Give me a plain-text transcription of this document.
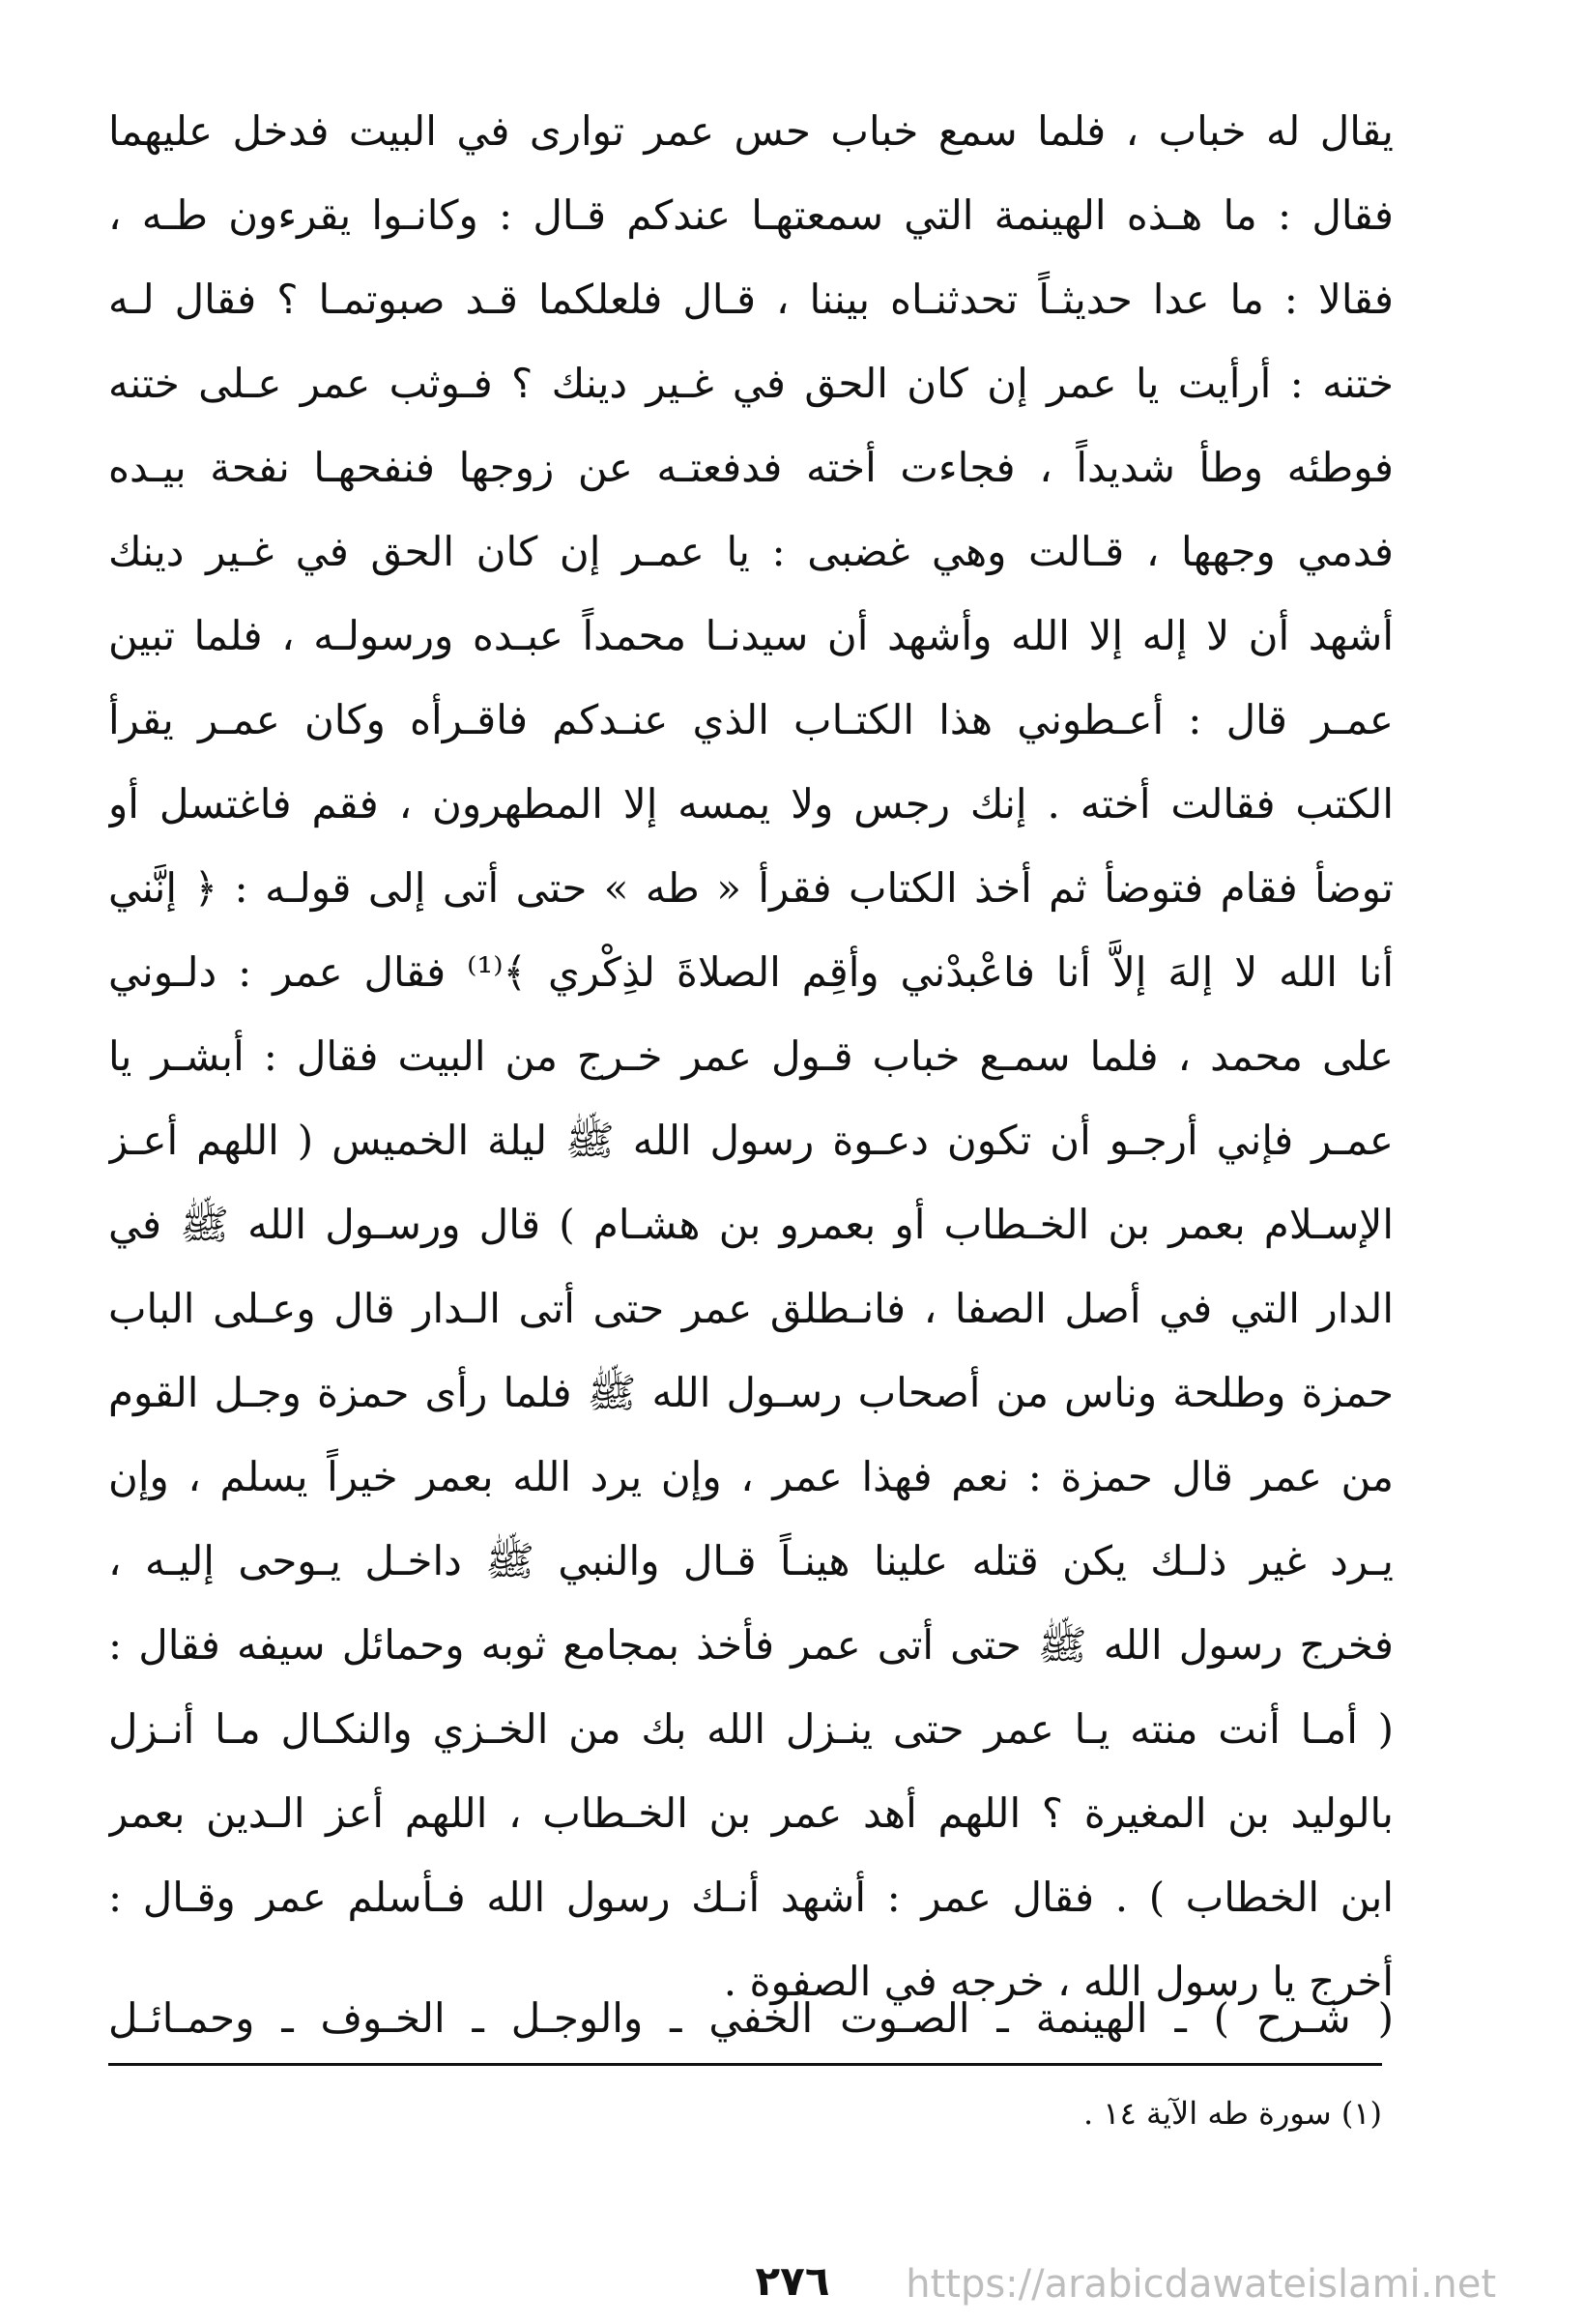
يقال له خباب ، فلما سمع خباب حس عمر توارى في البيت فدخل عليهما
فقال : ما هـذه الهينمة التي سمعتهـا عندكم قـال : وكانـوا يقرءون طـه ،
فقالا : ما عدا حديثـاً تحدثنـاه بيننا ، قـال فلعلكما قـد صبوتمـا ؟ فقال لـه
ختنه : أرأيت يا عمر إن كان الحق في غـير دينك ؟ فـوثب عمر عـلى ختنه
فوطئه وطأ شديداً ، فجاءت أخته فدفعتـه عن زوجها فنفحهـا نفحة بيـده
فدمي وجهها ، قـالت وهي غضبى : يا عمـر إن كان الحق في غـير دينك
أشهد أن لا إله إلا الله وأشهد أن سيدنـا محمداً عبـده ورسولـه ، فلما تبين
عمـر قال : أعـطوني هذا الكتـاب الذي عنـدكم فاقـرأه وكان عمـر يقرأ
الكتب فقالت أخته . إنك رجس ولا يمسه إلا المطهرون ، فقم فاغتسل أو
توضأ فقام فتوضأ ثم أخذ الكتاب فقرأ « طه » حتى أتى إلى قولـه : ﴿ إنَّني
أنا الله لا إلهَ إلاَّ أنا فاعْبدْني وأقِم الصلاةَ لذِكْري ﴾⁽¹⁾ فقال عمر : دلـوني
على محمد ، فلما سمـع خباب قـول عمر خـرج من البيت فقال : أبشـر يا
عمـر فإني أرجـو أن تكون دعـوة رسول الله ﷺ ليلة الخميس ( اللهم أعـز
الإسـلام بعمر بن الخـطاب أو بعمرو بن هشـام ) قال ورسـول الله ﷺ في
الدار التي في أصل الصفا ، فانـطلق عمر حتى أتى الـدار قال وعـلى الباب
حمزة وطلحة وناس من أصحاب رسـول الله ﷺ فلما رأى حمزة وجـل القوم
من عمر قال حمزة : نعم فهذا عمر ، وإن يرد الله بعمر خيراً يسلم ، وإن
يـرد غير ذلـك يكن قتله علينا هينـاً قـال والنبي ﷺ داخـل يـوحى إليـه ،
فخرج رسول الله ﷺ حتى أتى عمر فأخذ بمجامع ثوبه وحمائل سيفه فقال :
( أمـا أنت منته يـا عمر حتى ينـزل الله بك من الخـزي والنكـال مـا أنـزل
بالوليد بن المغيرة ؟ اللهم أهد عمر بن الخـطاب ، اللهم أعز الـدين بعمر
ابن الخطاب ) . فقال عمر : أشهد أنـك رسول الله فـأسلم عمر وقـال :
أخرج يا رسول الله ، خرجه في الصفوة .
( شـرح ) ـ الهينمة ـ الصـوت الخفي ـ والوجـل ـ الخـوف ـ وحمـائـل
(١) سورة طه الآية ١٤ .
٢٧٦	https://arabicdawateislami.net
